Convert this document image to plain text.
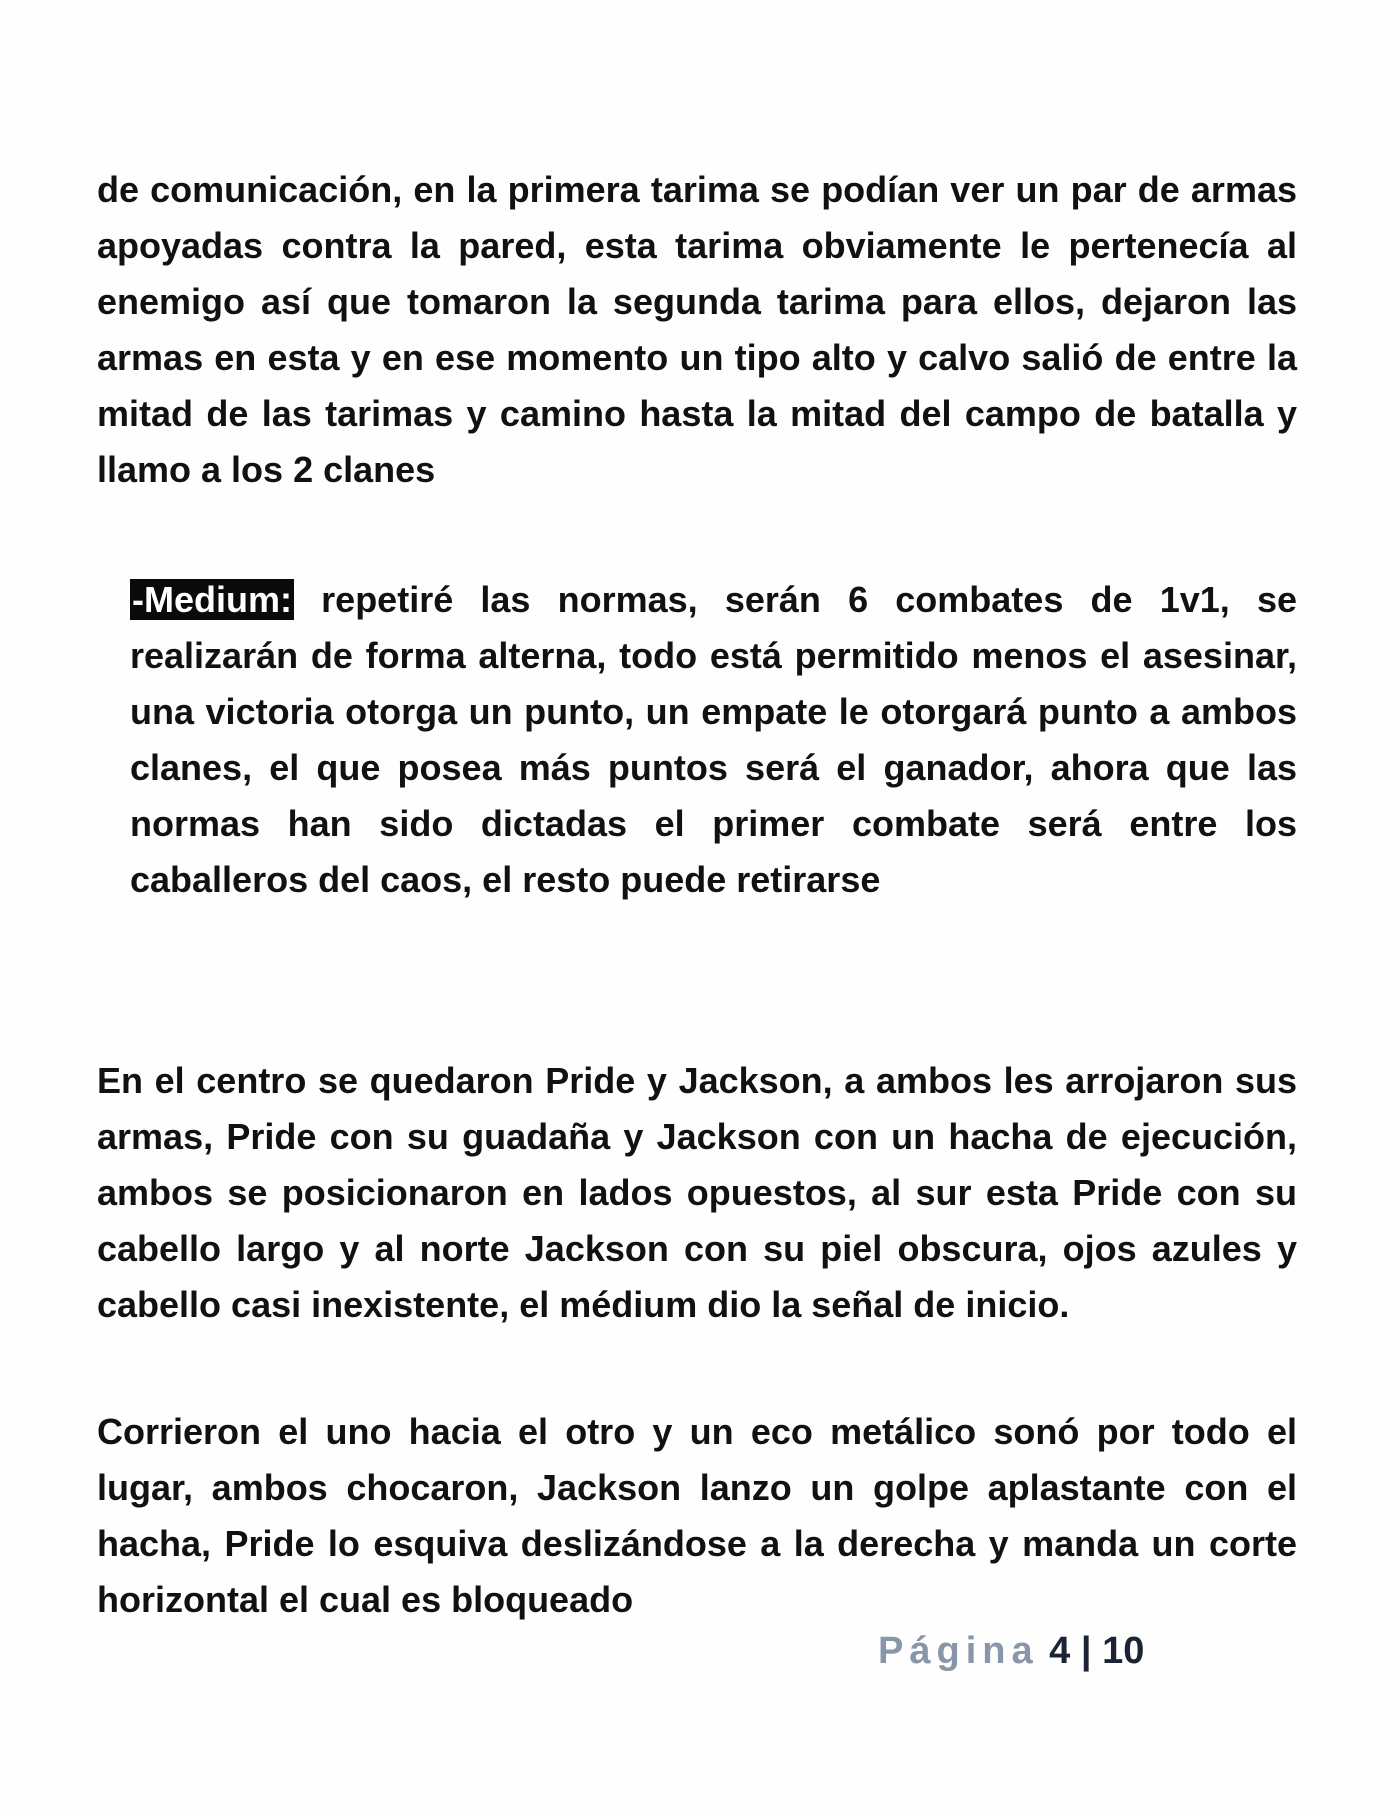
de comunicación, en la primera tarima se podían ver un par de armas apoyadas contra la pared, esta tarima obviamente le pertenecía al enemigo así que tomaron la segunda tarima para ellos, dejaron las armas en esta y en ese momento un tipo alto y calvo salió de entre la mitad de las tarimas y camino hasta la mitad del campo de batalla y llamo a los 2 clanes

-Medium: repetiré las normas, serán 6 combates de 1v1, se realizarán de forma alterna, todo está permitido menos el asesinar, una victoria otorga un punto, un empate le otorgará punto a ambos clanes, el que posea más puntos será el ganador, ahora que las normas han sido dictadas el primer combate será entre los caballeros del caos, el resto puede retirarse

En el centro se quedaron Pride y Jackson, a ambos les arrojaron sus armas, Pride con su guadaña y Jackson con un hacha de ejecución, ambos se posicionaron en lados opuestos, al sur esta Pride con su cabello largo y al norte Jackson con su piel obscura, ojos azules y cabello casi inexistente, el médium dio la señal de inicio.

Corrieron el uno hacia el otro y un eco metálico sonó por todo el lugar, ambos chocaron, Jackson lanzo un golpe aplastante con el hacha, Pride lo esquiva deslizándose a la derecha y manda un corte horizontal el cual es bloqueado

Página 4 | 10
